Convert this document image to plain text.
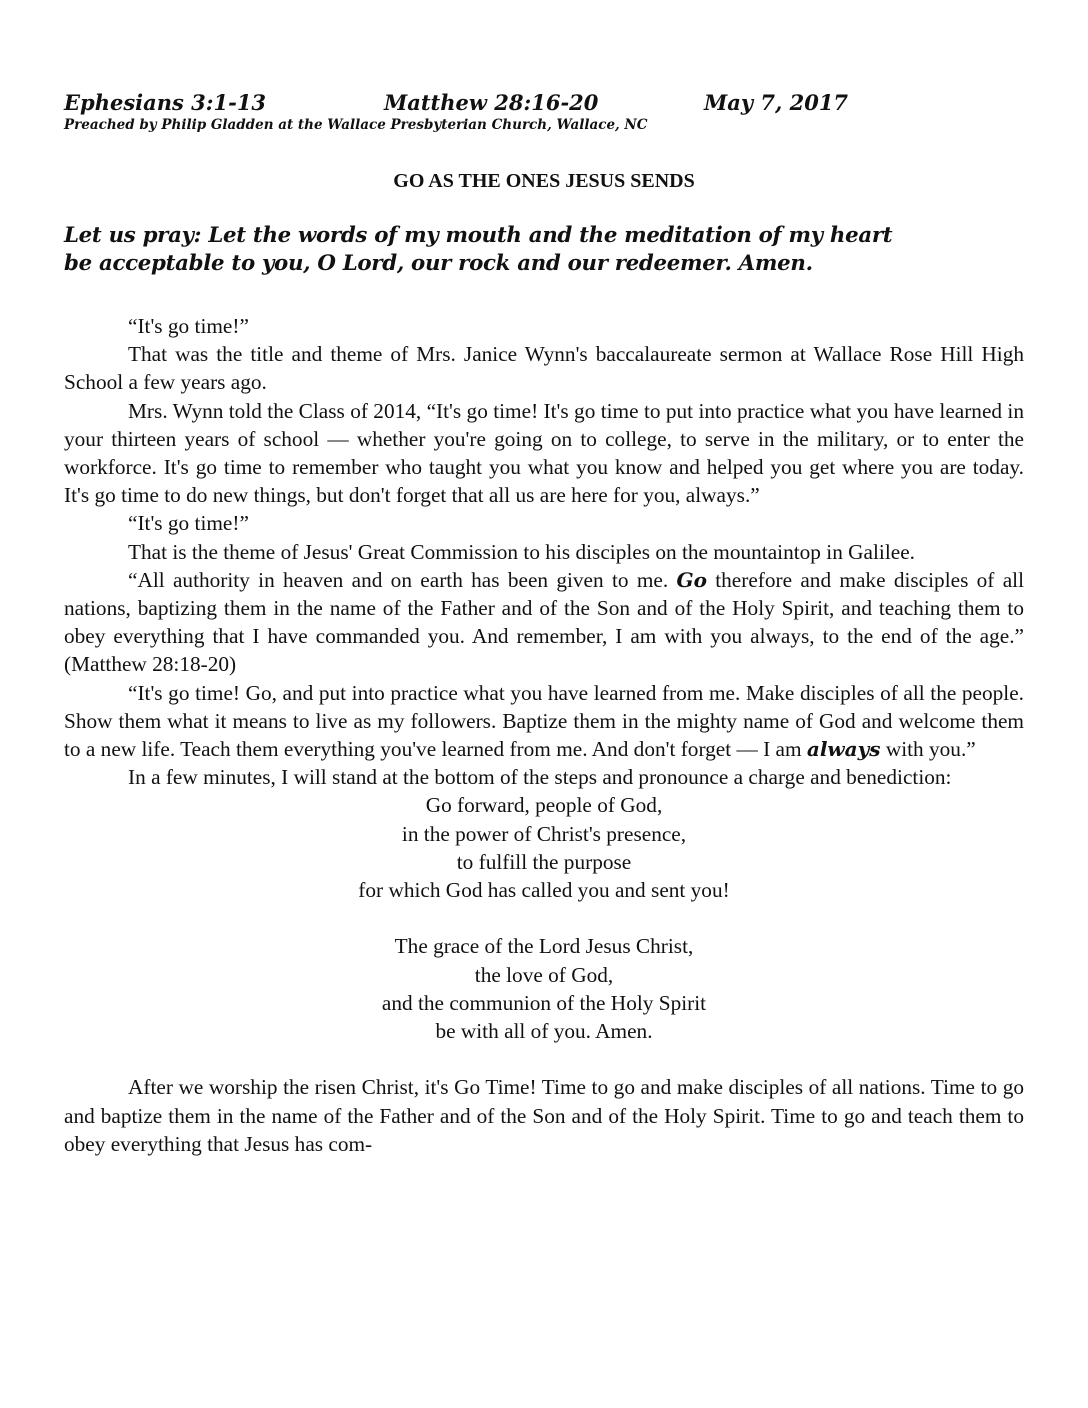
Ephesians 3:1-13	Matthew 28:16-20	May 7, 2017
Preached by Philip Gladden at the Wallace Presbyterian Church, Wallace, NC
GO AS THE ONES JESUS SENDS
Let us pray: Let the words of my mouth and the meditation of my heart
be acceptable to you, O Lord, our rock and our redeemer. Amen.

“It's go time!”

That was the title and theme of Mrs. Janice Wynn's baccalaureate sermon at Wallace Rose Hill High School a few years ago.

Mrs. Wynn told the Class of 2014, “It's go time! It's go time to put into practice what you have learned in your thirteen years of school — whether you're going on to college, to serve in the military, or to enter the workforce. It's go time to remember who taught you what you know and helped you get where you are today. It's go time to do new things, but don't forget that all us are here for you, always.”

“It's go time!”

That is the theme of Jesus' Great Commission to his disciples on the mountaintop in Galilee.

“All authority in heaven and on earth has been given to me. Go therefore and make disciples of all nations, baptizing them in the name of the Father and of the Son and of the Holy Spirit, and teaching them to obey everything that I have commanded you. And remember, I am with you always, to the end of the age.” (Matthew 28:18-20)

“It's go time! Go, and put into practice what you have learned from me. Make disciples of all the people. Show them what it means to live as my followers. Baptize them in the mighty name of God and welcome them to a new life. Teach them everything you've learned from me. And don't forget — I am always with you.”

In a few minutes, I will stand at the bottom of the steps and pronounce a charge and benediction:

Go forward, people of God,
in the power of Christ's presence,
to fulfill the purpose
for which God has called you and sent you!
The grace of the Lord Jesus Christ,
the love of God,
and the communion of the Holy Spirit
be with all of you. Amen.

After we worship the risen Christ, it's Go Time! Time to go and make disciples of all nations. Time to go and baptize them in the name of the Father and of the Son and of the Holy Spirit. Time to go and teach them to obey everything that Jesus has com-
